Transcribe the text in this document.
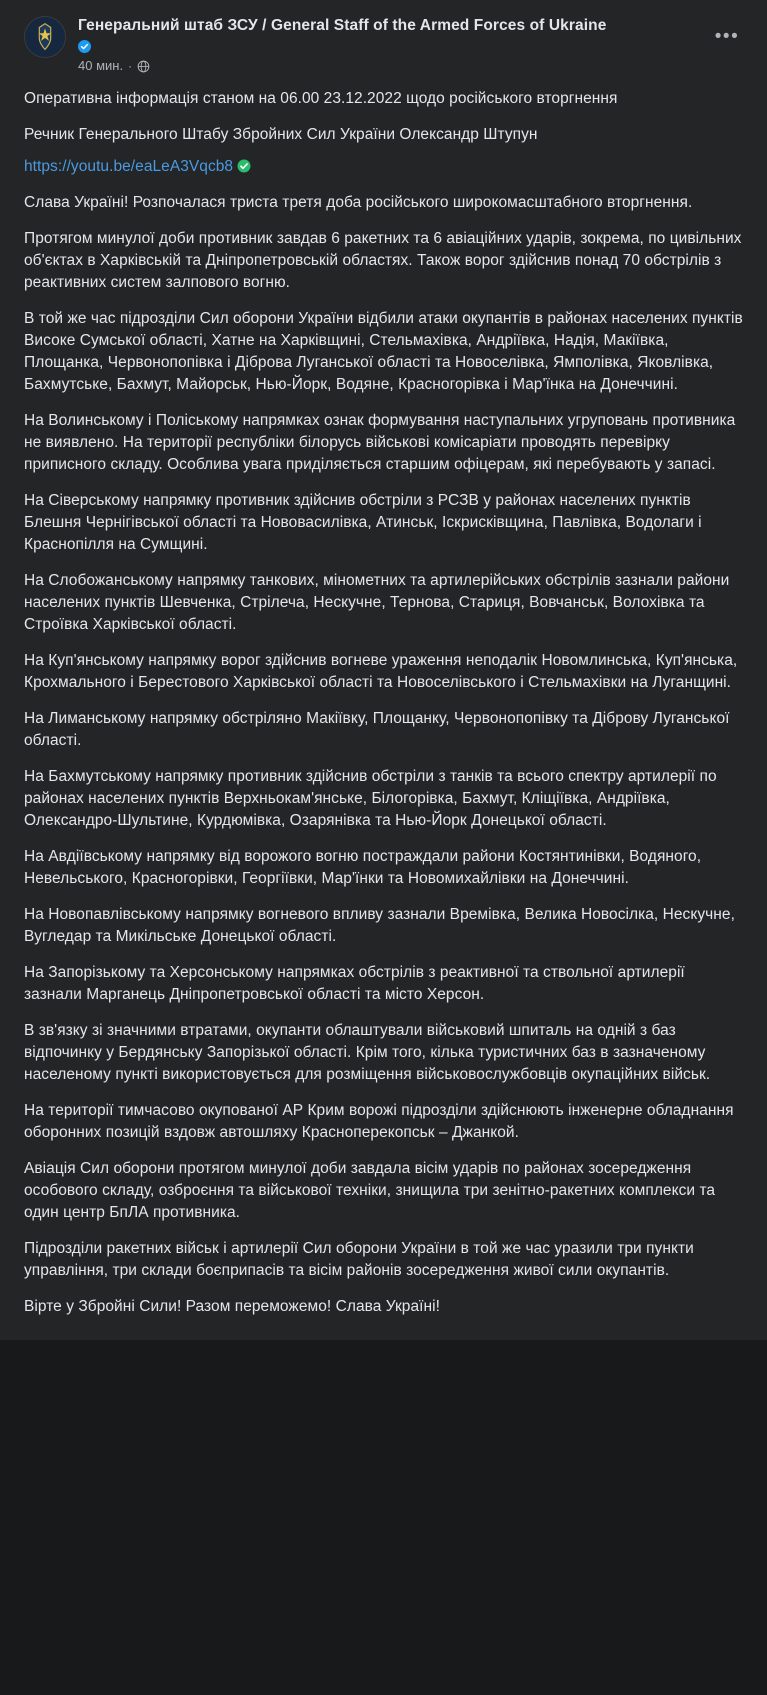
Генеральний штаб ЗСУ / General Staff of the Armed Forces of Ukraine
40 мин. ·
•••

Оперативна інформація станом на 06.00 23.12.2022 щодо російського вторгнення

Речник Генерального Штабу Збройних Сил України Олександр Штупун

https://youtu.be/eaLeA3Vqcb8

Слава Україні! Розпочалася триста третя доба російського широкомасштабного вторгнення.

Протягом минулої доби противник завдав 6 ракетних та 6 авіаційних ударів, зокрема, по цивільних об'єктах в Харківській та Дніпропетровській областях. Також ворог здійснив понад 70 обстрілів з реактивних систем залпового вогню.

В той же час підрозділи Сил оборони України відбили атаки окупантів в районах населених пунктів Високе Сумської області, Хатне на Харківщині, Стельмахівка, Андріївка, Надія, Макіївка, Площанка, Червонопопівка і Діброва Луганської області та Новоселівка, Ямполівка, Яковлівка, Бахмутське, Бахмут, Майорськ, Нью-Йорк, Водяне, Красногорівка і Мар'їнка на Донеччині.

На Волинському і Поліському напрямках ознак формування наступальних угруповань противника не виявлено. На території республіки білорусь військові комісаріати проводять перевірку приписного складу. Особлива увага приділяється старшим офіцерам, які перебувають у запасі.

На Сіверському напрямку противник здійснив обстріли з РСЗВ у районах населених пунктів Блешня Чернігівської області та Нововасилівка, Атинськ, Іскрисківщина, Павлівка, Водолаги і Краснопілля на Сумщині.

На Слобожанському напрямку танкових, мінометних та артилерійських обстрілів зазнали райони населених пунктів Шевченка, Стрілеча, Нескучне, Тернова, Стариця, Вовчанськ, Волохівка та Строївка Харківської області.

На Куп'янському напрямку ворог здійснив вогневе ураження неподалік Новомлинська, Куп'янська, Крохмального і Берестового Харківської області та Новоселівського і Стельмахівки на Луганщині.

На Лиманському напрямку обстріляно Макіївку, Площанку, Червонопопівку та Діброву Луганської області.

На Бахмутському напрямку противник здійснив обстріли з танків та всього спектру артилерії по районах населених пунктів Верхньокам'янське, Білогорівка, Бахмут, Кліщіївка, Андріївка, Олександро-Шультине, Курдюмівка, Озарянівка та Нью-Йорк Донецької області.

На Авдіївському напрямку від ворожого вогню постраждали райони Костянтинівки, Водяного, Невельського, Красногорівки, Георгіївки, Мар'їнки та Новомихайлівки на Донеччині.

На Новопавлівському напрямку вогневого впливу зазнали Времівка, Велика Новосілка, Нескучне, Вугледар та Микільське Донецької області.

На Запорізькому та Херсонському напрямках обстрілів з реактивної та ствольної артилерії зазнали Марганець Дніпропетровської області та місто Херсон.

В зв'язку зі значними втратами, окупанти облаштували військовий шпиталь на одній з баз відпочинку у Бердянську Запорізької області. Крім того, кілька туристичних баз в зазначеному населеному пункті використовується для розміщення військовослужбовців окупаційних військ.

На території тимчасово окупованої АР Крим ворожі підрозділи здійснюють інженерне обладнання оборонних позицій вздовж автошляху Красноперекопськ – Джанкой.

Авіація Сил оборони протягом минулої доби завдала вісім ударів по районах зосередження особового складу, озброєння та військової техніки, знищила три зенітно-ракетних комплекси та один центр БпЛА противника.

Підрозділи ракетних військ і артилерії Сил оборони України в той же час уразили три пункти управління, три склади боєприпасів та вісім районів зосередження живої сили окупантів.

Вірте у Збройні Сили! Разом переможемо! Слава Україні!
